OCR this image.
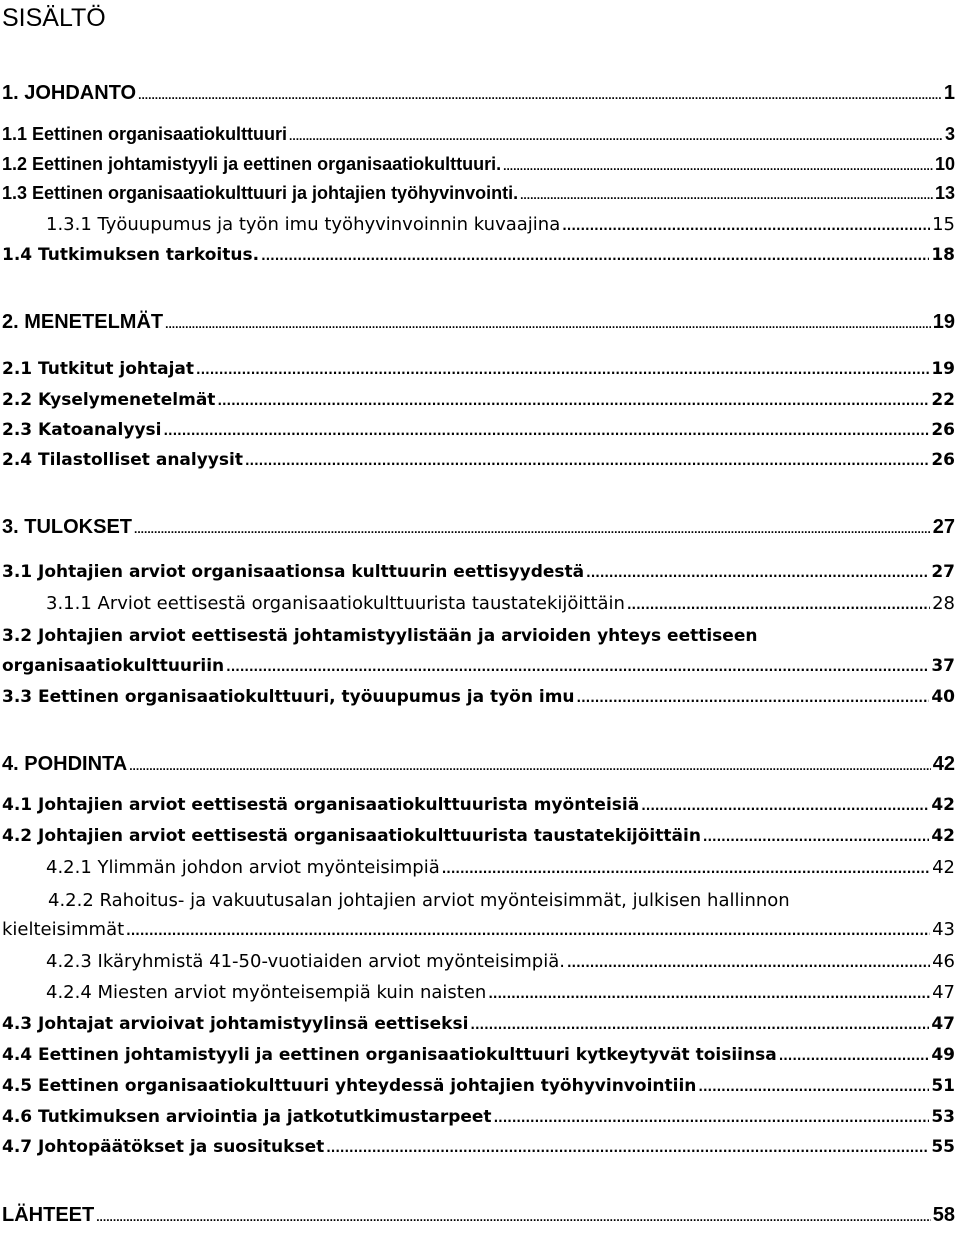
SISÄLTÖ
1. JOHDANTO .....	1
1.1 Eettinen organisaatiokulttuuri .....	3
1.2 Eettinen johtamistyyli ja eettinen organisaatiokulttuuri. .....	10
1.3 Eettinen organisaatiokulttuuri ja johtajien työhyvinvointi. .....	13
1.3.1 Työuupumus ja työn imu työhyvinvoinnin kuvaajina .....	15
1.4 Tutkimuksen tarkoitus. .....	18
2. MENETELMÄT .....	19
2.1 Tutkitut johtajat .....	19
2.2 Kyselymenetelmät .....	22
2.3 Katoanalyysi .....	26
2.4 Tilastolliset analyysit .....	26
3. TULOKSET .....	27
3.1 Johtajien arviot organisaationsa kulttuurin eettisyydestä .....	27
3.1.1 Arviot eettisestä organisaatiokulttuurista taustatekijöittäin .....	28
3.2 Johtajien arviot eettisestä johtamistyylistään ja arvioiden yhteys eettiseen
organisaatiokulttuuriin .....	37
3.3 Eettinen organisaatiokulttuuri, työuupumus ja työn imu .....	40
4. POHDINTA .....	42
4.1 Johtajien arviot eettisestä organisaatiokulttuurista myönteisiä .....	42
4.2 Johtajien arviot eettisestä organisaatiokulttuurista taustatekijöittäin .....	42
4.2.1 Ylimmän johdon arviot myönteisimpiä .....	42
4.2.2 Rahoitus- ja vakuutusalan johtajien arviot myönteisimmät, julkisen hallinnon
kielteisimmät .....	43
4.2.3 Ikäryhmistä 41-50-vuotiaiden arviot myönteisimpiä. .....	46
4.2.4 Miesten arviot myönteisempiä kuin naisten .....	47
4.3 Johtajat arvioivat johtamistyylinsä eettiseksi .....	47
4.4 Eettinen johtamistyyli ja eettinen organisaatiokulttuuri kytkeytyvät toisiinsa .....	49
4.5 Eettinen organisaatiokulttuuri yhteydessä johtajien työhyvinvointiin .....	51
4.6 Tutkimuksen arviointia ja jatkotutkimustarpeet .....	53
4.7 Johtopäätökset ja suositukset .....	55
LÄHTEET .....	58
